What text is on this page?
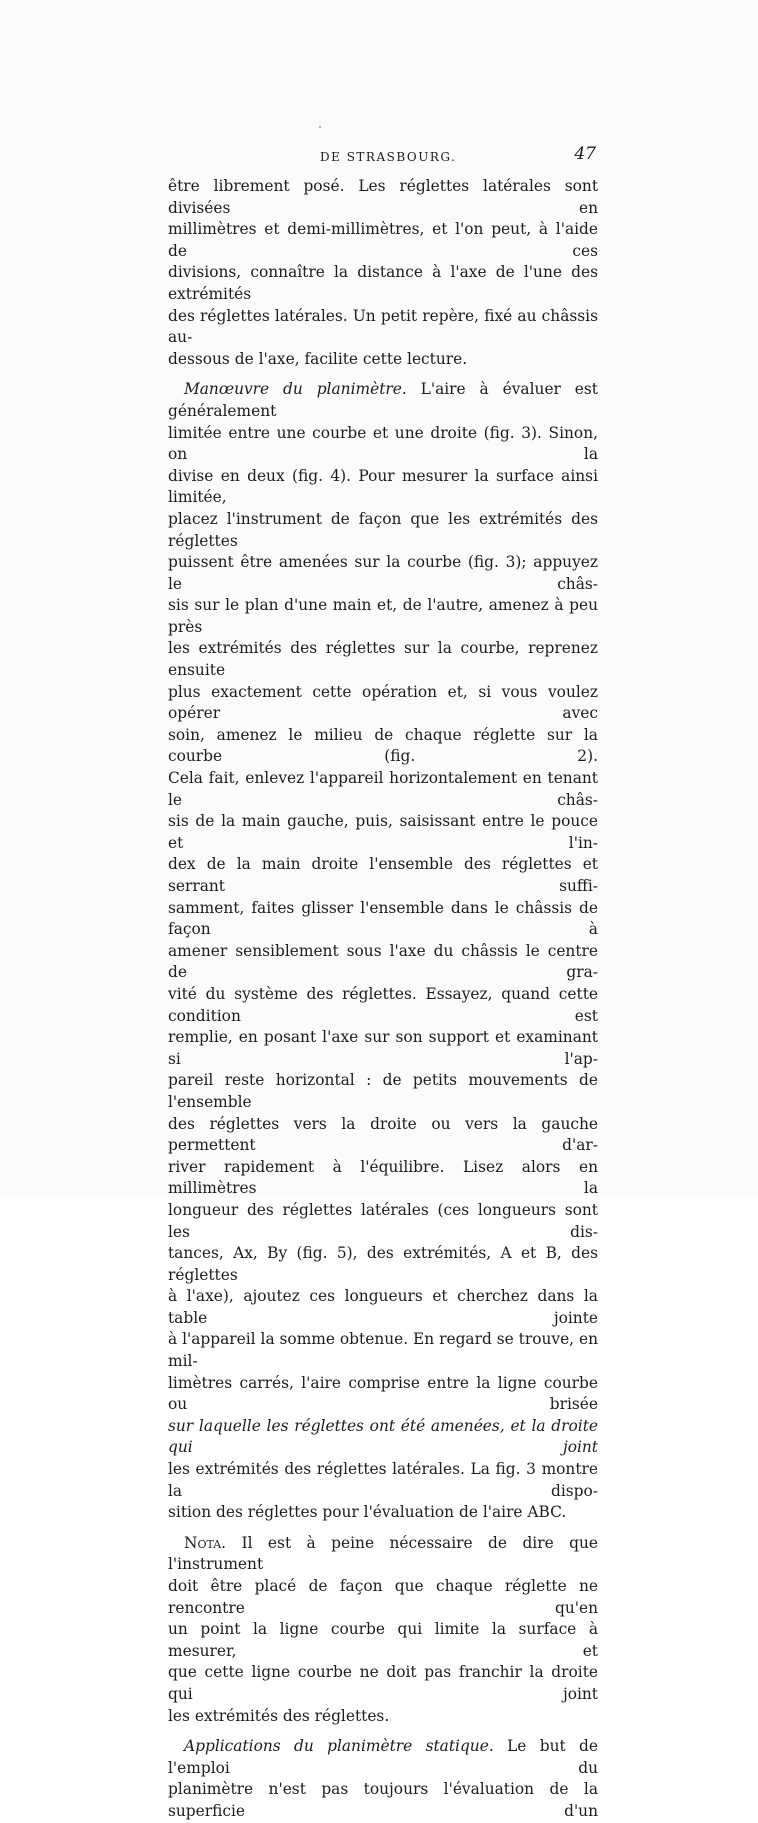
DE STRASBOURG.	47

être librement posé. Les réglettes latérales sont divisées en
millimètres et demi-millimètres, et l'on peut, à l'aide de ces
divisions, connaître la distance à l'axe de l'une des extrémités
des réglettes latérales. Un petit repère, fixé au châssis au-
dessous de l'axe, facilite cette lecture.

Manœuvre du planimètre. L'aire à évaluer est généralement
limitée entre une courbe et une droite (fig. 3). Sinon, on la
divise en deux (fig. 4). Pour mesurer la surface ainsi limitée,
placez l'instrument de façon que les extrémités des réglettes
puissent être amenées sur la courbe (fig. 3); appuyez le châs-
sis sur le plan d'une main et, de l'autre, amenez à peu près
les extrémités des réglettes sur la courbe, reprenez ensuite
plus exactement cette opération et, si vous voulez opérer avec
soin, amenez le milieu de chaque réglette sur la courbe (fig. 2).
Cela fait, enlevez l'appareil horizontalement en tenant le châs-
sis de la main gauche, puis, saisissant entre le pouce et l'in-
dex de la main droite l'ensemble des réglettes et serrant suffi-
samment, faites glisser l'ensemble dans le châssis de façon à
amener sensiblement sous l'axe du châssis le centre de gra-
vité du système des réglettes. Essayez, quand cette condition est
remplie, en posant l'axe sur son support et examinant si l'ap-
pareil reste horizontal : de petits mouvements de l'ensemble
des réglettes vers la droite ou vers la gauche permettent d'ar-
river rapidement à l'équilibre. Lisez alors en millimètres la
longueur des réglettes latérales (ces longueurs sont les dis-
tances, Ax, By (fig. 5), des extrémités, A et B, des réglettes
à l'axe), ajoutez ces longueurs et cherchez dans la table jointe
à l'appareil la somme obtenue. En regard se trouve, en mil-
limètres carrés, l'aire comprise entre la ligne courbe ou brisée
sur laquelle les réglettes ont été amenées, et la droite qui joint
les extrémités des réglettes latérales. La fig. 3 montre la dispo-
sition des réglettes pour l'évaluation de l'aire ABC.

Nota. Il est à peine nécessaire de dire que l'instrument
doit être placé de façon que chaque réglette ne rencontre qu'en
un point la ligne courbe qui limite la surface à mesurer, et
que cette ligne courbe ne doit pas franchir la droite qui joint
les extrémités des réglettes.

Applications du planimètre statique. Le but de l'emploi du
planimètre n'est pas toujours l'évaluation de la superficie d'un
